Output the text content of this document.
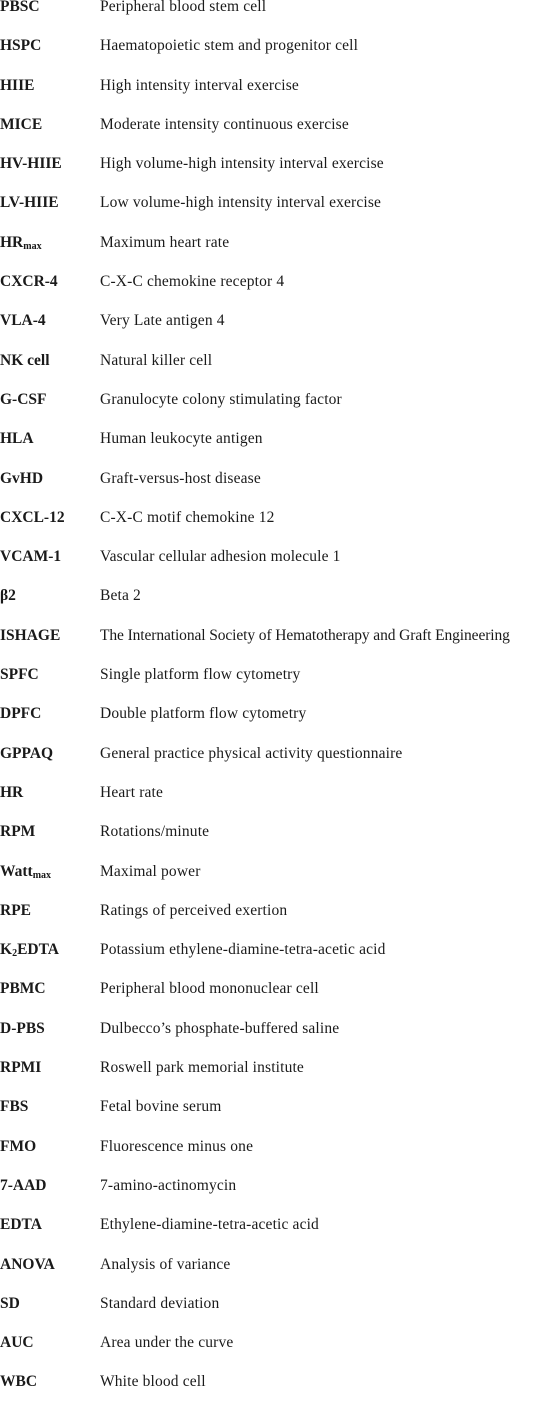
PBSC	Peripheral blood stem cell
HSPC	Haematopoietic stem and progenitor cell
HIIE	High intensity interval exercise
MICE	Moderate intensity continuous exercise
HV-HIIE High volume-high intensity interval exercise
LV-HIIE	Low volume-high intensity interval exercise
$HR_{max}$	Maximum heart rate
CXCR-4	C-X-C chemokine receptor 4
VLA-4	Very Late antigen 4
NK cell	Natural killer cell
G-CSF	Granulocyte colony stimulating factor
HLA	Human leukocyte antigen
GvHD	Graft-versus-host disease
CXCL-12 C-X-C motif chemokine 12
VCAM-1	Vascular cellular adhesion molecule 1
β2	Beta 2
ISHAGE	The International Society of Hematotherapy and Graft Engineering
SPFC	Single platform flow cytometry
DPFC	Double platform flow cytometry
GPPAQ	General practice physical activity questionnaire
HR	Heart rate
RPM	Rotations/minute
Watt$_{max}$	Maximal power
RPE	Ratings of perceived exertion
$K_2EDTA$	Potassium ethylene-diamine-tetra-acetic acid
PBMC	Peripheral blood mononuclear cell
D-PBS	Dulbecco’s phosphate-buffered saline
RPMI	Roswell park memorial institute
FBS	Fetal bovine serum
FMO	Fluorescence minus one
7-AAD	7-amino-actinomycin
EDTA	Ethylene-diamine-tetra-acetic acid
ANOVA	Analysis of variance
SD	Standard deviation
AUC	Area under the curve
WBC	White blood cell
